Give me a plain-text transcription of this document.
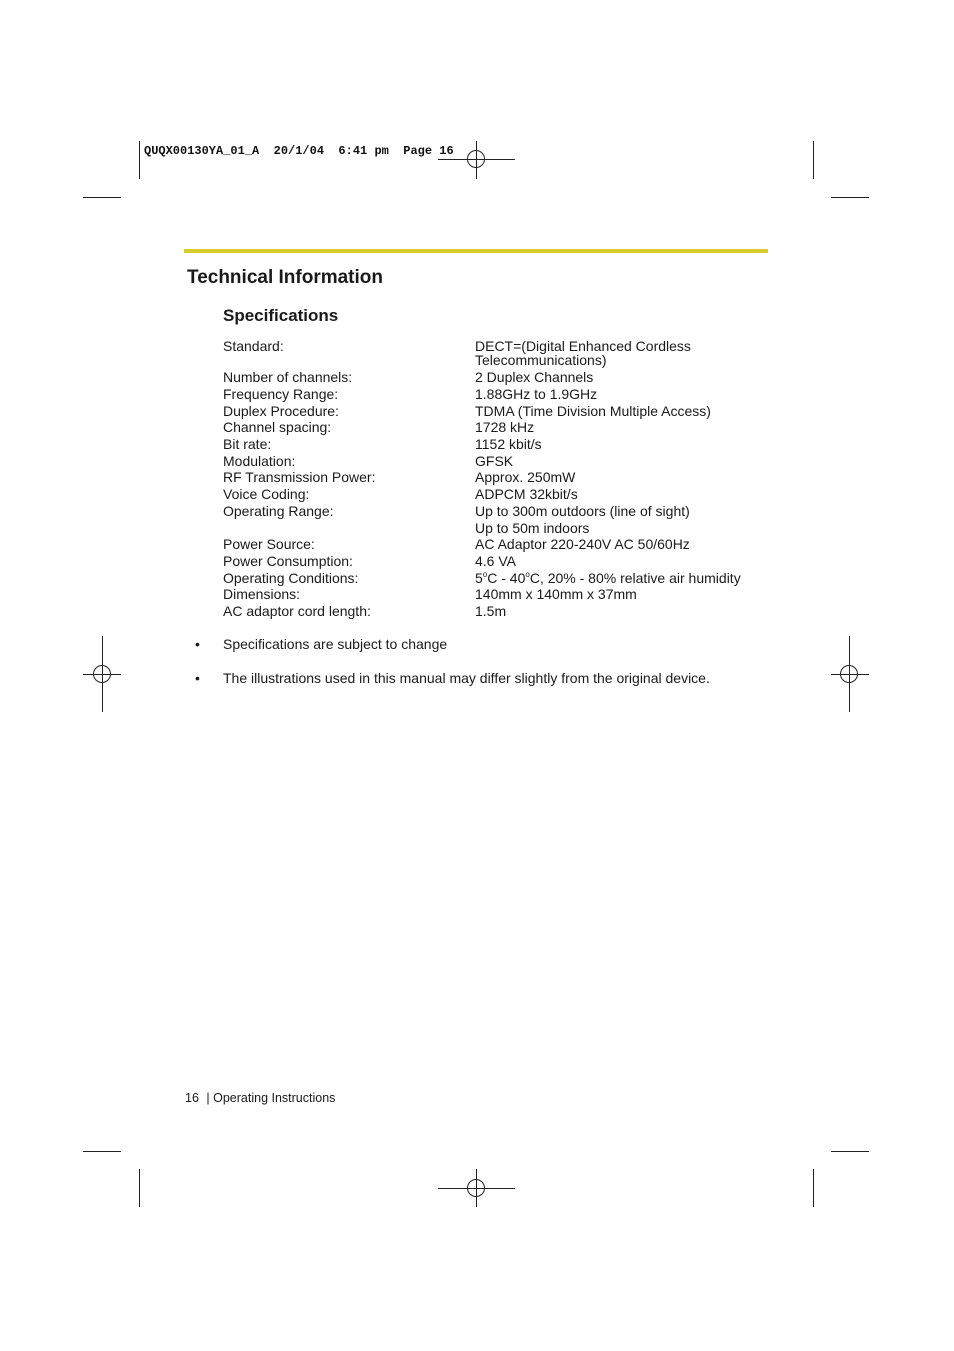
QUQX00130YA_01_A  20/1/04  6:41 pm  Page 16
Technical Information
Specifications
Standard:	DECT=(Digital Enhanced Cordless
Telecommunications)
Number of channels:	2 Duplex Channels
Frequency Range:	1.88GHz to 1.9GHz
Duplex Procedure:	TDMA (Time Division Multiple Access)
Channel spacing:	1728 kHz
Bit rate:	1152 kbit/s
Modulation:	GFSK
RF Transmission Power:	Approx. 250mW
Voice Coding:	ADPCM 32kbit/s
Operating Range:	Up to 300m outdoors (line of sight)
Up to 50m indoors
Power Source:	AC Adaptor 220-240V AC 50/60Hz
Power Consumption:	4.6 VA
Operating Conditions:	5$^o$C - 40$^o$C, 20% - 80% relative air humidity
Dimensions:	140mm x 140mm x 37mm
AC adaptor cord length:	1.5m
• Specifications are subject to change
• The illustrations used in this manual may differ slightly from the original device.
16 | Operating Instructions
